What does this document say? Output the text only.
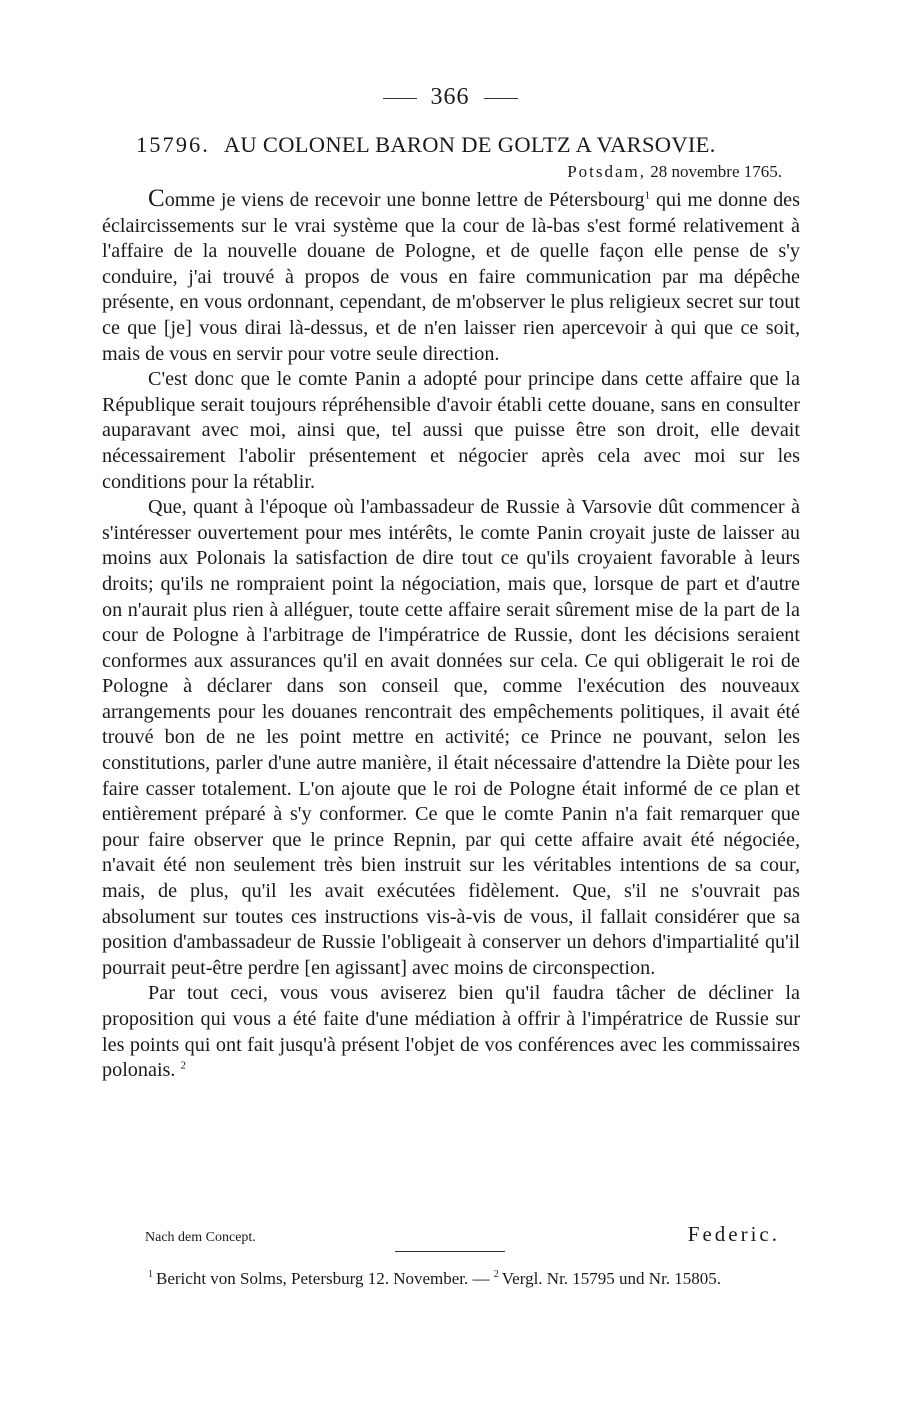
366
15796. AU COLONEL BARON DE GOLTZ A VARSOVIE.
Potsdam, 28 novembre 1765.

Comme je viens de recevoir une bonne lettre de Pétersbourg$^1$ qui me donne des éclaircissements sur le vrai système que la cour de là-bas s'est formé relativement à l'affaire de la nouvelle douane de Pologne, et de quelle façon elle pense de s'y conduire, j'ai trouvé à propos de vous en faire communication par ma dépêche présente, en vous ordonnant, cependant, de m'observer le plus religieux secret sur tout ce que [je] vous dirai là-dessus, et de n'en laisser rien apercevoir à qui que ce soit, mais de vous en servir pour votre seule direction.

C'est donc que le comte Panin a adopté pour principe dans cette affaire que la République serait toujours répréhensible d'avoir établi cette douane, sans en consulter auparavant avec moi, ainsi que, tel aussi que puisse être son droit, elle devait nécessairement l'abolir présentement et négocier après cela avec moi sur les conditions pour la rétablir.

Que, quant à l'époque où l'ambassadeur de Russie à Varsovie dût commencer à s'intéresser ouvertement pour mes intérêts, le comte Panin croyait juste de laisser au moins aux Polonais la satisfaction de dire tout ce qu'ils croyaient favorable à leurs droits; qu'ils ne rompraient point la négociation, mais que, lorsque de part et d'autre on n'aurait plus rien à alléguer, toute cette affaire serait sûrement mise de la part de la cour de Pologne à l'arbitrage de l'impératrice de Russie, dont les décisions seraient conformes aux assurances qu'il en avait données sur cela. Ce qui obligerait le roi de Pologne à déclarer dans son conseil que, comme l'exécution des nouveaux arrangements pour les douanes rencontrait des empêchements politiques, il avait été trouvé bon de ne les point mettre en activité; ce Prince ne pouvant, selon les constitutions, parler d'une autre manière, il était nécessaire d'attendre la Diète pour les faire casser totalement. L'on ajoute que le roi de Pologne était informé de ce plan et entièrement préparé à s'y conformer. Ce que le comte Panin n'a fait remarquer que pour faire observer que le prince Repnin, par qui cette affaire avait été négociée, n'avait été non seulement très bien instruit sur les véritables intentions de sa cour, mais, de plus, qu'il les avait exécutées fidèlement. Que, s'il ne s'ouvrait pas absolument sur toutes ces instructions vis-à-vis de vous, il fallait considérer que sa position d'ambassadeur de Russie l'obligeait à conserver un dehors d'impartialité qu'il pourrait peut-être perdre [en agissant] avec moins de circonspection.

Par tout ceci, vous vous aviserez bien qu'il faudra tâcher de décliner la proposition qui vous a été faite d'une médiation à offrir à l'impératrice de Russie sur les points qui ont fait jusqu'à présent l'objet de vos conférences avec les commissaires polonais. $^2$

Nach dem Concept.	Federic.

$^1$ Bericht von Solms, Petersburg 12. November. — $^2$ Vergl. Nr. 15795 und Nr. 15805.
